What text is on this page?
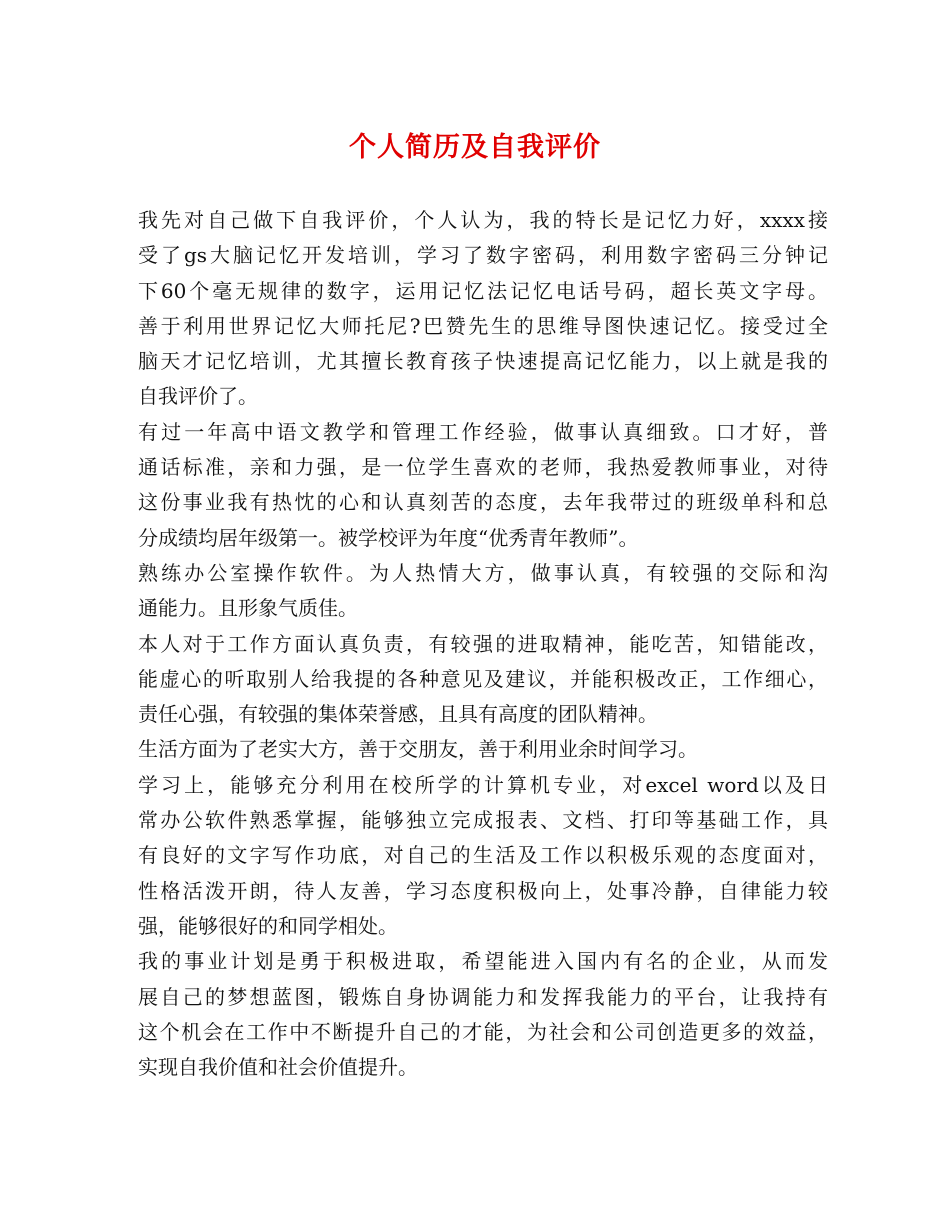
个人简历及自我评价
我先对自己做下自我评价，个人认为，我的特长是记忆力好，xxxx接
受了gs大脑记忆开发培训，学习了数字密码，利用数字密码三分钟记
下60个毫无规律的数字，运用记忆法记忆电话号码，超长英文字母。
善于利用世界记忆大师托尼?巴赞先生的思维导图快速记忆。接受过全
脑天才记忆培训，尤其擅长教育孩子快速提高记忆能力，以上就是我的
自我评价了。
有过一年高中语文教学和管理工作经验，做事认真细致。口才好，普
通话标准，亲和力强，是一位学生喜欢的老师，我热爱教师事业，对待
这份事业我有热忱的心和认真刻苦的态度，去年我带过的班级单科和总
分成绩均居年级第一。被学校评为年度“优秀青年教师”。
熟练办公室操作软件。为人热情大方，做事认真，有较强的交际和沟
通能力。且形象气质佳。
本人对于工作方面认真负责，有较强的进取精神，能吃苦，知错能改，
能虚心的听取别人给我提的各种意见及建议，并能积极改正，工作细心，
责任心强，有较强的集体荣誉感，且具有高度的团队精神。
生活方面为了老实大方，善于交朋友，善于利用业余时间学习。
学习上，能够充分利用在校所学的计算机专业，对excel word以及日
常办公软件熟悉掌握，能够独立完成报表、文档、打印等基础工作，具
有良好的文字写作功底，对自己的生活及工作以积极乐观的态度面对，
性格活泼开朗，待人友善，学习态度积极向上，处事冷静，自律能力较
强，能够很好的和同学相处。
我的事业计划是勇于积极进取，希望能进入国内有名的企业，从而发
展自己的梦想蓝图，锻炼自身协调能力和发挥我能力的平台，让我持有
这个机会在工作中不断提升自己的才能，为社会和公司创造更多的效益，
实现自我价值和社会价值提升。
